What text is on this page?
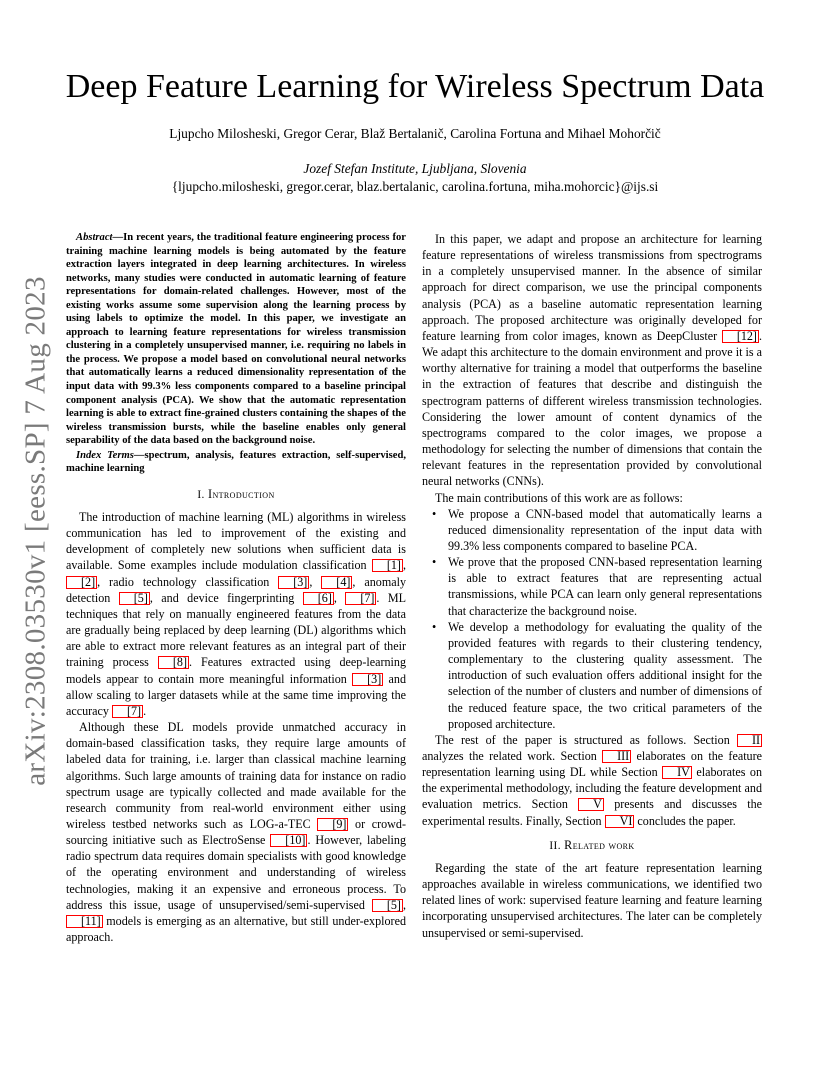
arXiv:2308.03530v1 [eess.SP] 7 Aug 2023
Deep Feature Learning for Wireless Spectrum Data
Ljupcho Milosheski, Gregor Cerar, Blaž Bertalanič, Carolina Fortuna and Mihael Mohorčič
Jozef Stefan Institute, Ljubljana, Slovenia
{ljupcho.milosheski, gregor.cerar, blaz.bertalanic, carolina.fortuna, miha.mohorcic}@ijs.si

Abstract—In recent years, the traditional feature engineering process for training machine learning models is being automated by the feature extraction layers integrated in deep learning architectures. In wireless networks, many studies were conducted in automatic learning of feature representations for domain-related challenges. However, most of the existing works assume some supervision along the learning process by using labels to optimize the model. In this paper, we investigate an approach to learning feature representations for wireless transmission clustering in a completely unsupervised manner, i.e. requiring no labels in the process. We propose a model based on convolutional neural networks that automatically learns a reduced dimensionality representation of the input data with 99.3% less components compared to a baseline principal component analysis (PCA). We show that the automatic representation learning is able to extract fine-grained clusters containing the shapes of the wireless transmission bursts, while the baseline enables only general separability of the data based on the background noise.

Index Terms—spectrum, analysis, features extraction, self-supervised, machine learning

I. Introduction

The introduction of machine learning (ML) algorithms in wireless communication has led to improvement of the existing and development of completely new solutions when sufficient data is available. Some examples include modulation classification [1] , [2] , radio technology classification [3] , [4] , anomaly detection [5] , and device fingerprinting [6] , [7] . ML techniques that rely on manually engineered features from the data are gradually being replaced by deep learning (DL) algorithms which are able to extract more relevant features as an integral part of their training process [8] . Features extracted using deep-learning models appear to contain more meaningful information [3] and allow scaling to larger datasets while at the same time improving the accuracy [7] .

Although these DL models provide unmatched accuracy in domain-based classification tasks, they require large amounts of labeled data for training, i.e. larger than classical machine learning algorithms. Such large amounts of training data for instance on radio spectrum usage are typically collected and made available for the research community from real-world environment either using wireless testbed networks such as LOG-a-TEC [9] or crowd-sourcing initiative such as ElectroSense [10] . However, labeling radio spectrum data requires domain specialists with good knowledge of the operating environment and understanding of wireless technologies, making it an expensive and erroneous process. To address this issue, usage of unsupervised/semi-supervised [5] , [11] models is emerging as an alternative, but still under-explored approach.

In this paper, we adapt and propose an architecture for learning feature representations of wireless transmissions from spectrograms in a completely unsupervised manner. In the absence of similar approach for direct comparison, we use the principal components analysis (PCA) as a baseline automatic representation learning approach. The proposed architecture was originally developed for feature learning from color images, known as DeepCluster [12] . We adapt this architecture to the domain environment and prove it is a worthy alternative for training a model that outperforms the baseline in the extraction of features that describe and distinguish the spectrogram patterns of different wireless transmission technologies. Considering the lower amount of content dynamics of the spectrograms compared to the color images, we propose a methodology for selecting the number of dimensions that contain the relevant features in the representation provided by convolutional neural networks (CNNs).

The main contributions of this work are as follows:

• We propose a CNN-based model that automatically learns a reduced dimensionality representation of the input data with 99.3% less components compared to baseline PCA.
• We prove that the proposed CNN-based representation learning is able to extract features that are representing actual transmissions, while PCA can learn only general representations that characterize the background noise.
• We develop a methodology for evaluating the quality of the provided features with regards to their clustering tendency, complementary to the clustering quality assessment. The introduction of such evaluation offers additional insight for the selection of the number of clusters and number of dimensions of the reduced feature space, the two critical parameters of the proposed architecture.

The rest of the paper is structured as follows. Section II analyzes the related work. Section III elaborates on the feature representation learning using DL while Section IV elaborates on the experimental methodology, including the feature development and evaluation metrics. Section V presents and discusses the experimental results. Finally, Section VI concludes the paper.

II. Related work

Regarding the state of the art feature representation learning approaches available in wireless communications, we identified two related lines of work: supervised feature learning and feature learning incorporating unsupervised architectures. The later can be completely unsupervised or semi-supervised.
